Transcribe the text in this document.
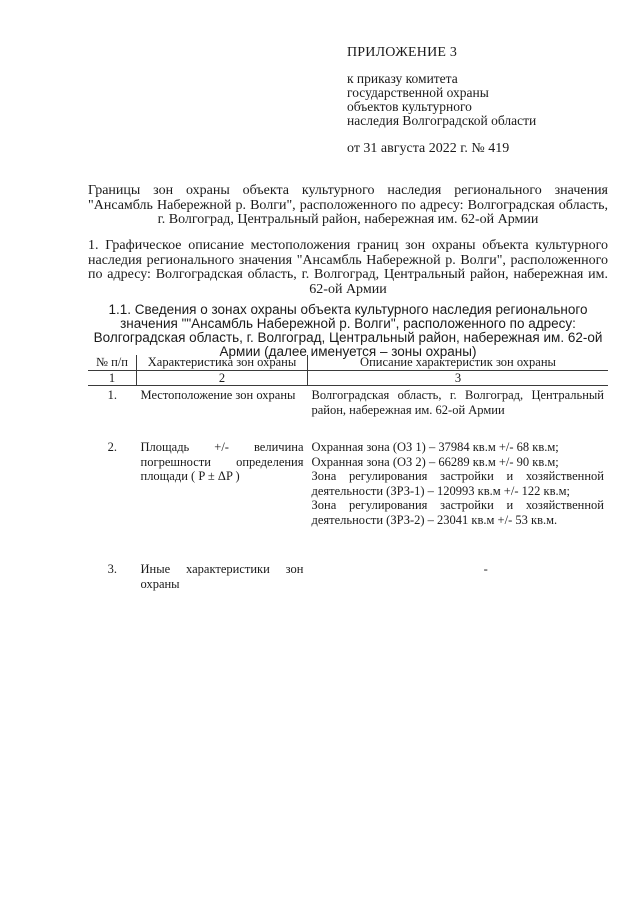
ПРИЛОЖЕНИЕ 3

к приказу комитета

государственной охраны

объектов культурного

наследия Волгоградской области

от 31 августа 2022 г. № 419

Границы зон охраны объекта культурного наследия регионального значения "Ансамбль Набережной р. Волги", расположенного по адресу: Волгоградская область, г. Волгоград, Центральный район, набережная им. 62-ой Армии
1. Графическое описание местоположения границ зон охраны объекта культурного наследия регионального значения "Ансамбль Набережной р. Волги", расположенного по адресу: Волгоградская область, г. Волгоград, Центральный район, набережная им. 62-ой Армии
1.1. Сведения о зонах охраны объекта культурного наследия регионального значения ""Ансамбль Набережной р. Волги", расположенного по адресу: Волгоградская область, г. Волгоград, Центральный район, набережная им. 62-ой Армии (далее именуется – зоны охраны)
№ п/п	Характеристика зон охраны	Описание характеристик зон охраны
1	2	3
1.	Местоположение зон охраны	Волгоградская область, г. Волгоград, Центральный район, набережная им. 62-ой Армии
2.	Площадь +/- величина погрешности определения площади ( P ± ΔP )	Охранная зона (ОЗ 1) – 37984 кв.м +/- 68 кв.м;
Охранная зона (ОЗ 2) – 66289 кв.м +/- 90 кв.м;
Зона регулирования застройки и хозяйственной деятельности (ЗРЗ-1) – 120993 кв.м +/- 122 кв.м;
Зона регулирования застройки и хозяйственной деятельности (ЗРЗ-2) – 23041 кв.м +/- 53 кв.м.

3.	Иные характеристики зон охраны	-
